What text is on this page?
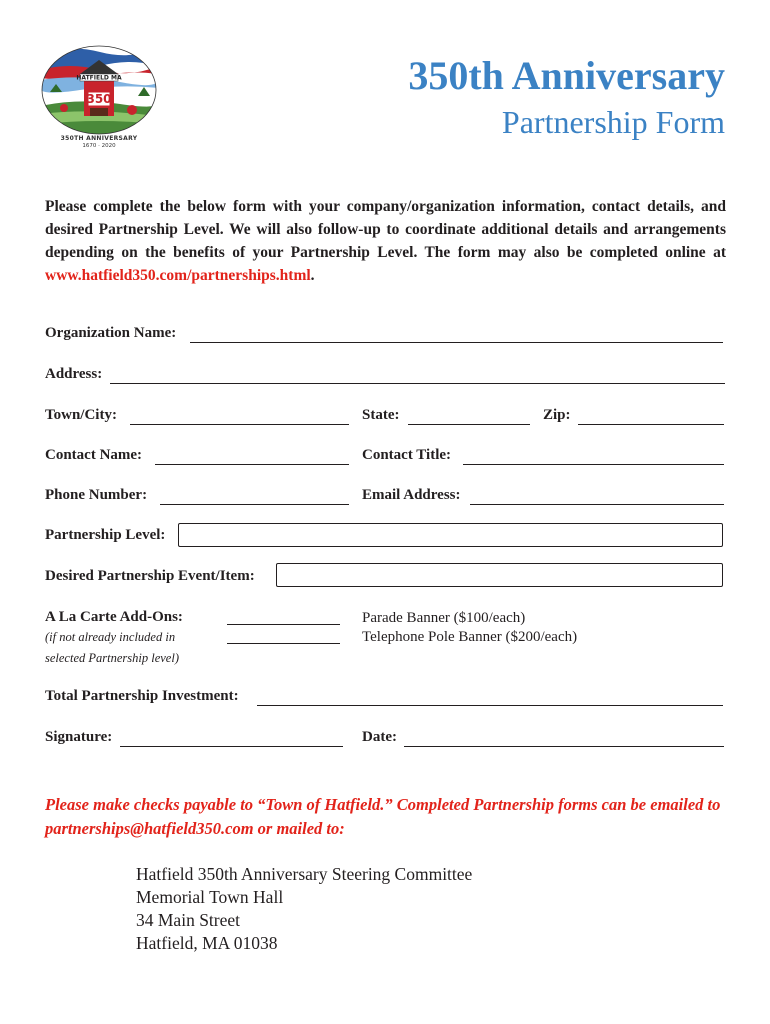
HATFIELD MA
350
350TH ANNIVERSARY
1670 · 2020
350th Anniversary
Partnership Form
Please complete the below form with your company/organization information, contact details, and desired Partnership Level. We will also follow-up to coordinate additional details and arrangements depending on the benefits of your Partnership Level. The form may also be completed online at www.hatfield350.com/partnerships.html.
Organization Name:
Address:
Town/City:	State:	Zip:
Contact Name:	Contact Title:
Phone Number:	Email Address:
Partnership Level:
Desired Partnership Event/Item:
A La Carte Add-Ons:
(if not already included in
selected Partnership level)
Parade Banner ($100/each)
Telephone Pole Banner ($200/each)
Total Partnership Investment:
Signature:	Date:
Please make checks payable to “Town of Hatfield.” Completed Partnership forms can be emailed to partnerships@hatfield350.com or mailed to:
Hatfield 350th Anniversary Steering Committee
Memorial Town Hall
34 Main Street
Hatfield, MA 01038
